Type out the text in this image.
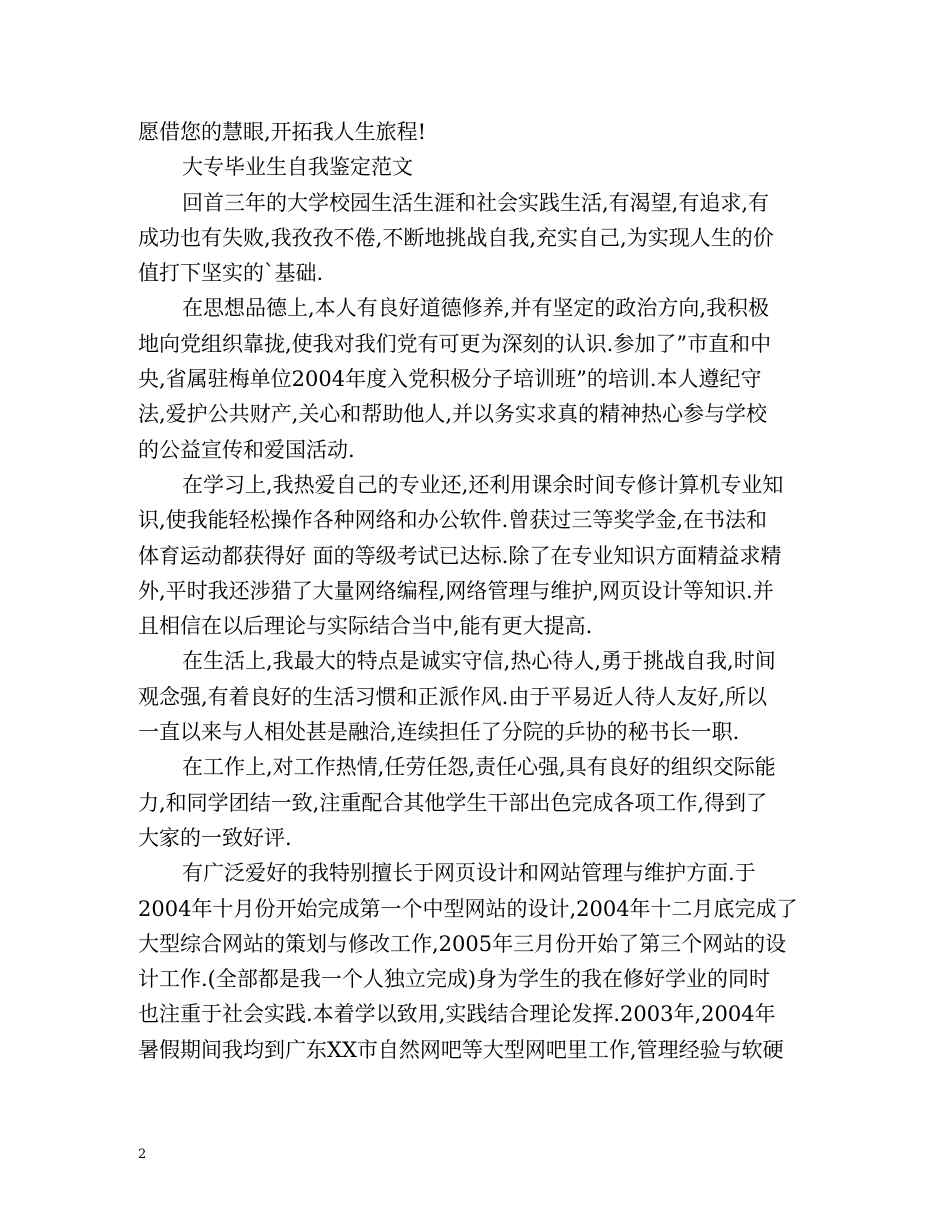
愿借您的慧眼,开拓我人生旅程!
大专毕业生自我鉴定范文
回首三年的大学校园生活生涯和社会实践生活,有渴望,有追求,有
成功也有失败,我孜孜不倦,不断地挑战自我,充实自己,为实现人生的价
值打下坚实的`基础.
在思想品德上,本人有良好道德修养,并有坚定的政治方向,我积极
地向党组织靠拢,使我对我们党有可更为深刻的认识.参加了”市直和中
央,省属驻梅单位2004年度入党积极分子培训班”的培训.本人遵纪守
法,爱护公共财产,关心和帮助他人,并以务实求真的精神热心参与学校
的公益宣传和爱国活动.
在学习上,我热爱自己的专业还,还利用课余时间专修计算机专业知
识,使我能轻松操作各种网络和办公软件.曾获过三等奖学金,在书法和
体育运动都获得好 面的等级考试已达标.除了在专业知识方面精益求精
外,平时我还涉猎了大量网络编程,网络管理与维护,网页设计等知识.并
且相信在以后理论与实际结合当中,能有更大提高.
在生活上,我最大的特点是诚实守信,热心待人,勇于挑战自我,时间
观念强,有着良好的生活习惯和正派作风.由于平易近人待人友好,所以
一直以来与人相处甚是融洽,连续担任了分院的乒协的秘书长一职.
在工作上,对工作热情,任劳任怨,责任心强,具有良好的组织交际能
力,和同学团结一致,注重配合其他学生干部出色完成各项工作,得到了
大家的一致好评.
有广泛爱好的我特别擅长于网页设计和网站管理与维护方面.于
2004年十月份开始完成第一个中型网站的设计,2004年十二月底完成了
大型综合网站的策划与修改工作,2005年三月份开始了第三个网站的设
计工作.(全部都是我一个人独立完成)身为学生的我在修好学业的同时
也注重于社会实践.本着学以致用,实践结合理论发挥.2003年,2004年
暑假期间我均到广东XX市自然网吧等大型网吧里工作,管理经验与软硬
2
